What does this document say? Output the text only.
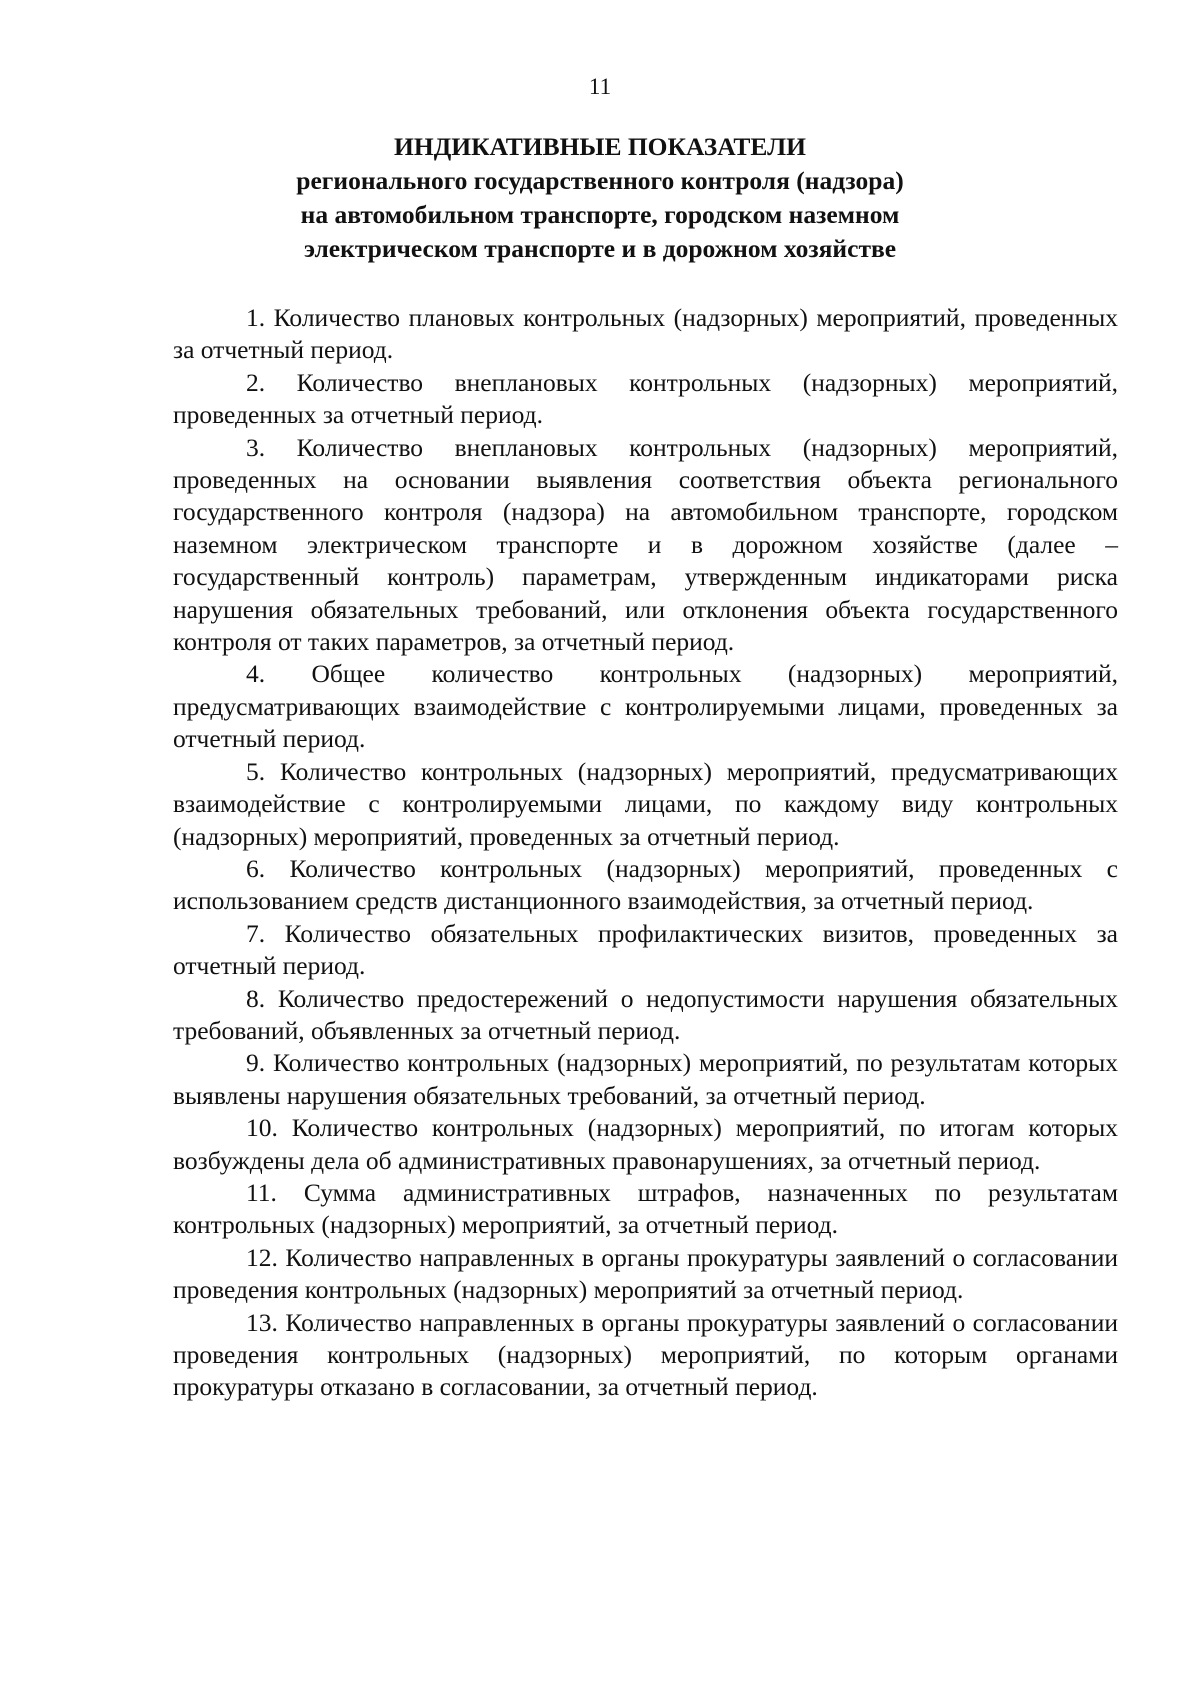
11
ИНДИКАТИВНЫЕ ПОКАЗАТЕЛИ
регионального государственного контроля (надзора)
на автомобильном транспорте, городском наземном
электрическом транспорте и в дорожном хозяйстве

1. Количество плановых контрольных (надзорных) мероприятий, проведенных за отчетный период.

2. Количество внеплановых контрольных (надзорных) мероприятий, проведенных за отчетный период.

3. Количество внеплановых контрольных (надзорных) мероприятий, проведенных на основании выявления соответствия объекта регионального государственного контроля (надзора) на автомобильном транспорте, городском наземном электрическом транспорте и в дорожном хозяйстве (далее – государственный контроль) параметрам, утвержденным индикаторами риска нарушения обязательных требований, или отклонения объекта государственного контроля от таких параметров, за отчетный период.

4. Общее количество контрольных (надзорных) мероприятий, предусматривающих взаимодействие с контролируемыми лицами, проведенных за отчетный период.

5. Количество контрольных (надзорных) мероприятий, предусматривающих взаимодействие с контролируемыми лицами, по каждому виду контрольных (надзорных) мероприятий, проведенных за отчетный период.

6. Количество контрольных (надзорных) мероприятий, проведенных с использованием средств дистанционного взаимодействия, за отчетный период.

7. Количество обязательных профилактических визитов, проведенных за отчетный период.

8. Количество предостережений о недопустимости нарушения обязательных требований, объявленных за отчетный период.

9. Количество контрольных (надзорных) мероприятий, по результатам которых выявлены нарушения обязательных требований, за отчетный период.

10. Количество контрольных (надзорных) мероприятий, по итогам которых возбуждены дела об административных правонарушениях, за отчетный период.

11. Сумма административных штрафов, назначенных по результатам контрольных (надзорных) мероприятий, за отчетный период.

12. Количество направленных в органы прокуратуры заявлений о согласовании проведения контрольных (надзорных) мероприятий за отчетный период.

13. Количество направленных в органы прокуратуры заявлений о согласовании проведения контрольных (надзорных) мероприятий, по которым органами прокуратуры отказано в согласовании, за отчетный период.
